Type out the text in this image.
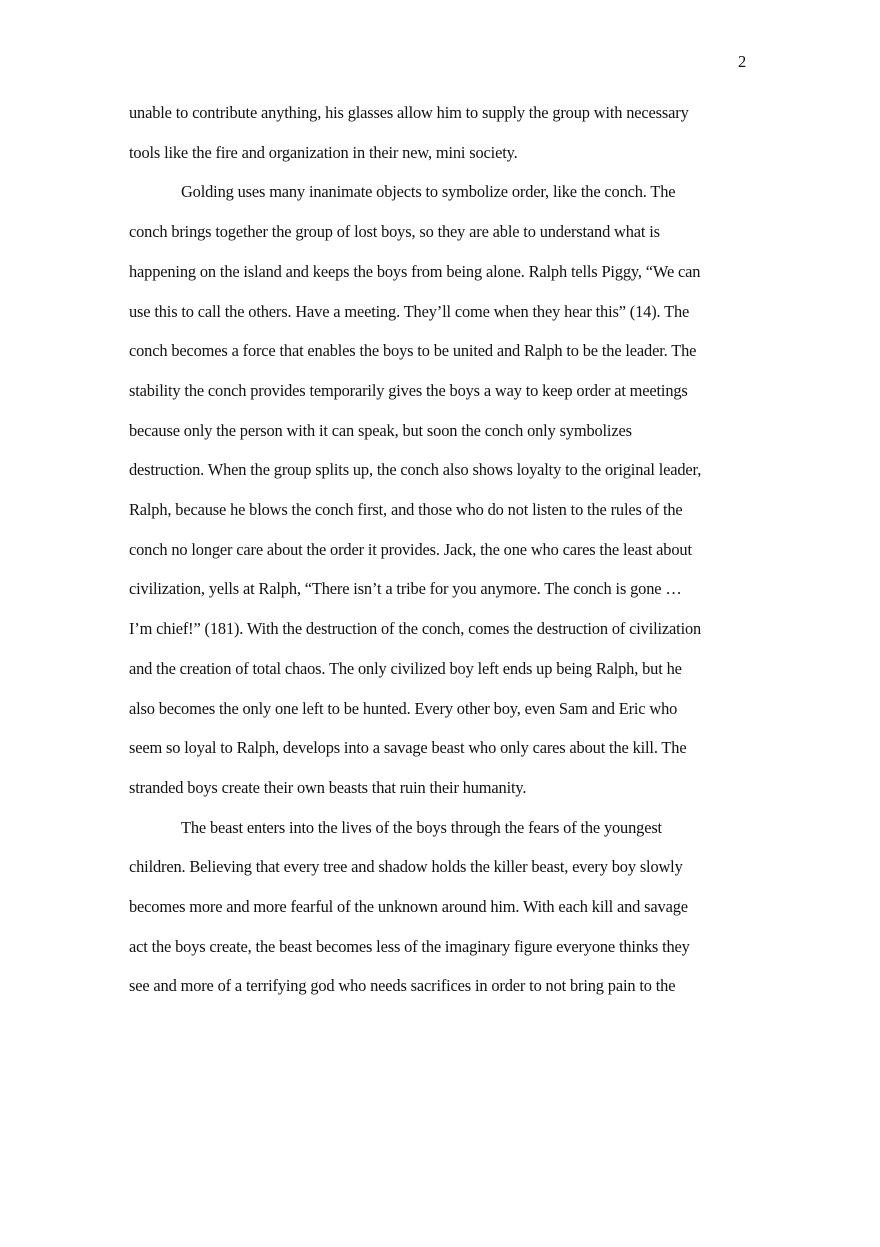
2
unable to contribute anything, his glasses allow him to supply the group with necessary
tools like the fire and organization in their new, mini society.
Golding uses many inanimate objects to symbolize order, like the conch. The
conch brings together the group of lost boys, so they are able to understand what is
happening on the island and keeps the boys from being alone. Ralph tells Piggy, “We can
use this to call the others. Have a meeting. They’ll come when they hear this” (14). The
conch becomes a force that enables the boys to be united and Ralph to be the leader. The
stability the conch provides temporarily gives the boys a way to keep order at meetings
because only the person with it can speak, but soon the conch only symbolizes
destruction. When the group splits up, the conch also shows loyalty to the original leader,
Ralph, because he blows the conch first, and those who do not listen to the rules of the
conch no longer care about the order it provides. Jack, the one who cares the least about
civilization, yells at Ralph, “There isn’t a tribe for you anymore. The conch is gone …
I’m chief!” (181). With the destruction of the conch, comes the destruction of civilization
and the creation of total chaos. The only civilized boy left ends up being Ralph, but he
also becomes the only one left to be hunted. Every other boy, even Sam and Eric who
seem so loyal to Ralph, develops into a savage beast who only cares about the kill. The
stranded boys create their own beasts that ruin their humanity.
The beast enters into the lives of the boys through the fears of the youngest
children. Believing that every tree and shadow holds the killer beast, every boy slowly
becomes more and more fearful of the unknown around him. With each kill and savage
act the boys create, the beast becomes less of the imaginary figure everyone thinks they
see and more of a terrifying god who needs sacrifices in order to not bring pain to the
